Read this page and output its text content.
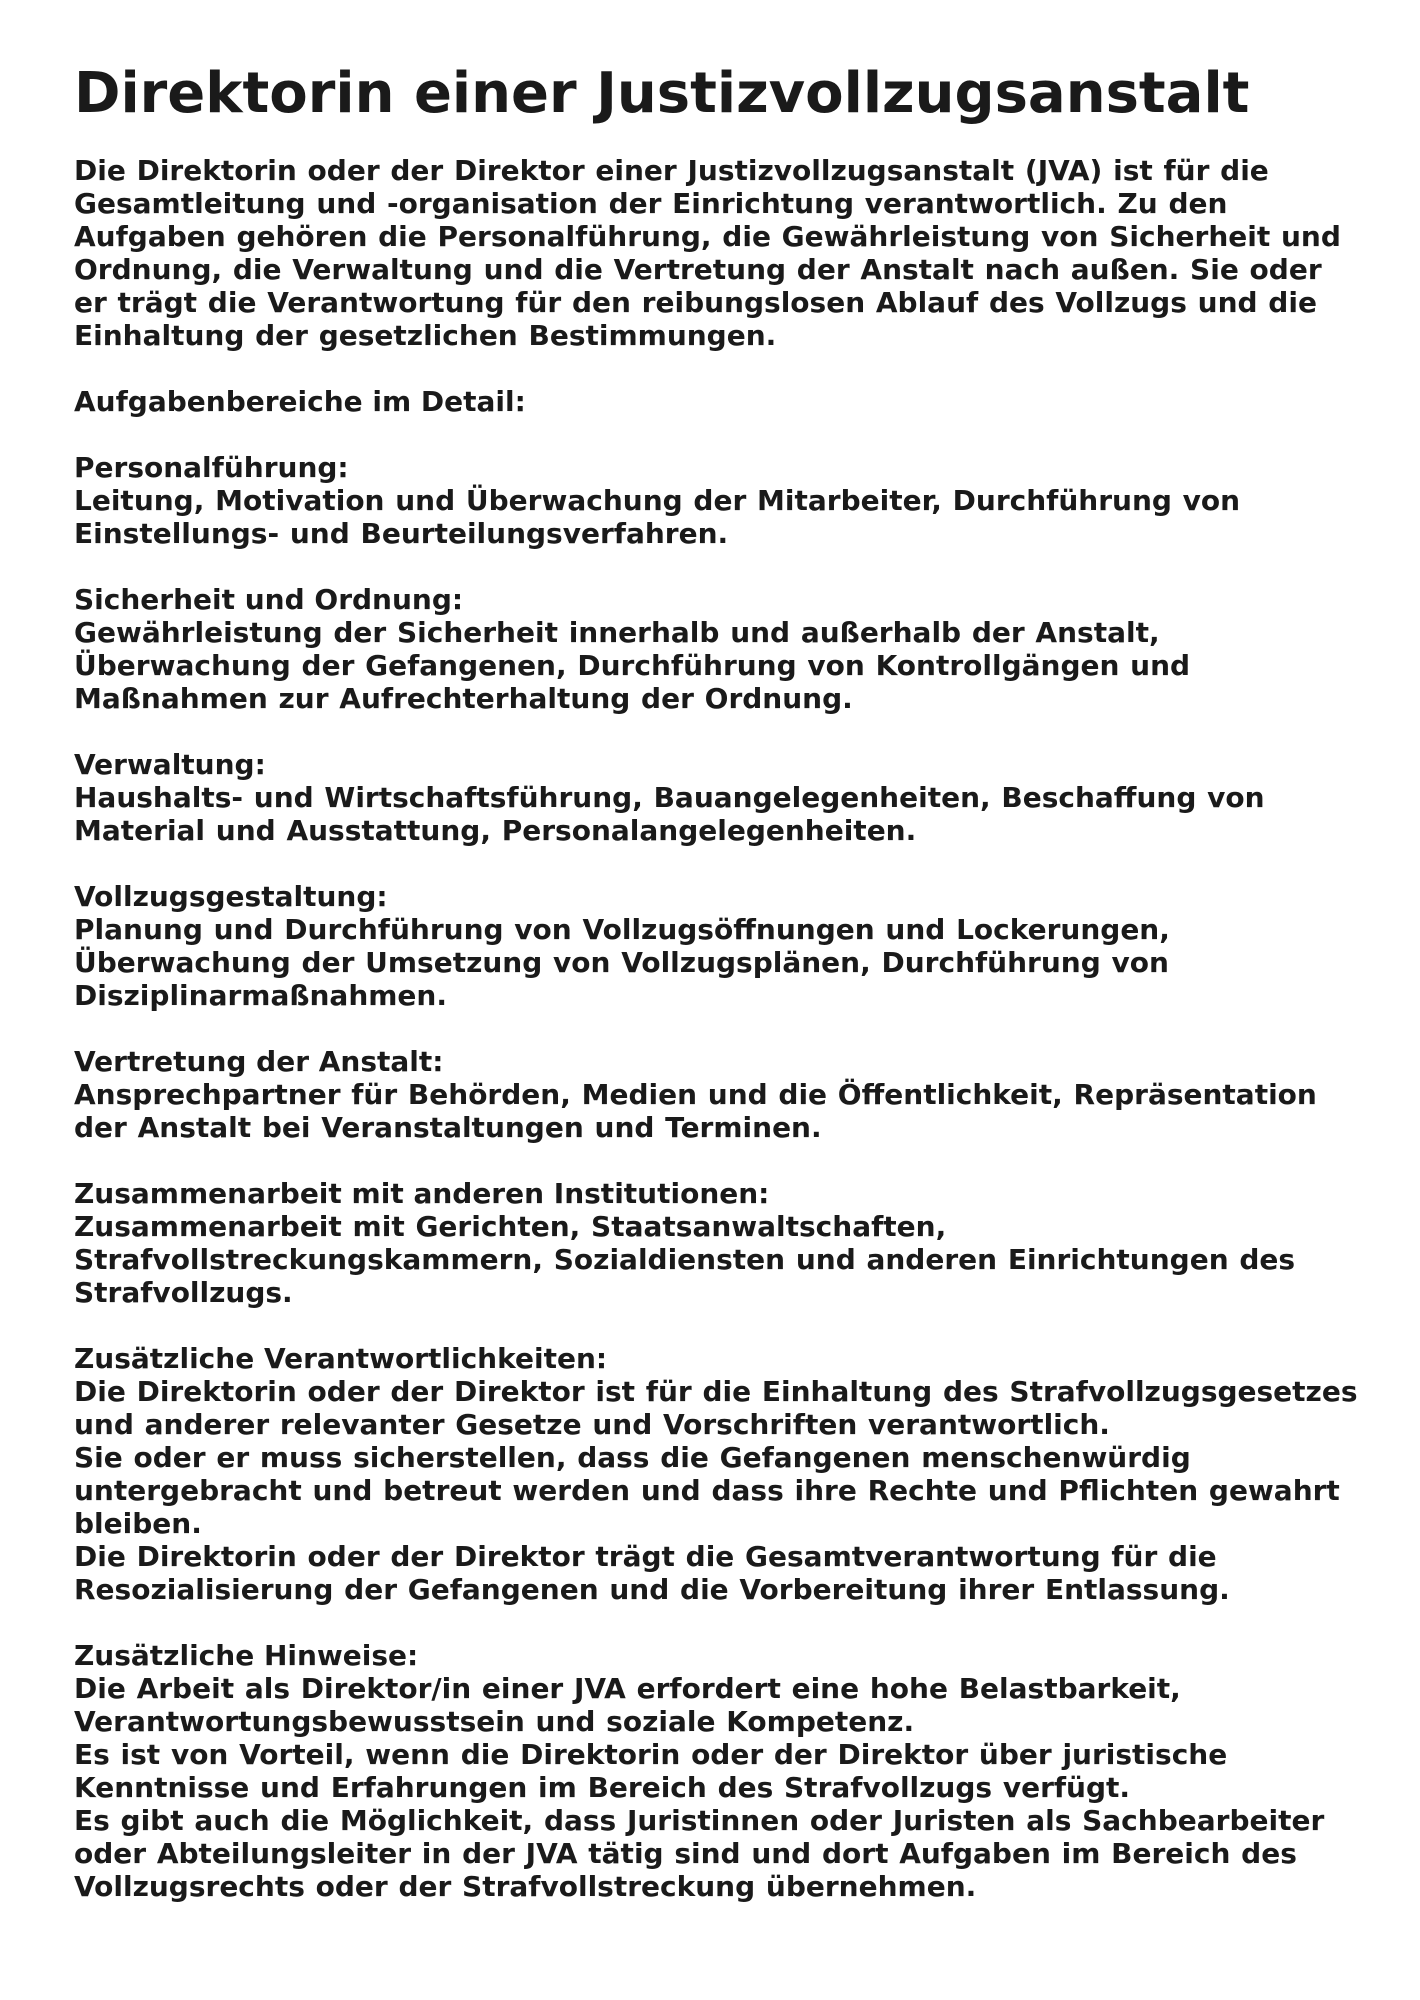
Direktorin einer Justizvollzugsanstalt

Die Direktorin oder der Direktor einer Justizvollzugsanstalt (JVA) ist für die Gesamtleitung und -organisation der Einrichtung verantwortlich. Zu den Aufgaben gehören die Personalführung, die Gewährleistung von Sicherheit und Ordnung, die Verwaltung und die Vertretung der Anstalt nach außen. Sie oder er trägt die Verantwortung für den reibungslosen Ablauf des Vollzugs und die Einhaltung der gesetzlichen Bestimmungen.

Aufgabenbereiche im Detail:

Personalführung:

Leitung, Motivation und Überwachung der Mitarbeiter, Durchführung von Einstellungs- und Beurteilungsverfahren.

Sicherheit und Ordnung:

Gewährleistung der Sicherheit innerhalb und außerhalb der Anstalt, Überwachung der Gefangenen, Durchführung von Kontrollgängen und Maßnahmen zur Aufrechterhaltung der Ordnung.

Verwaltung:

Haushalts- und Wirtschaftsführung, Bauangelegenheiten, Beschaffung von Material und Ausstattung, Personalangelegenheiten.

Vollzugsgestaltung:

Planung und Durchführung von Vollzugsöffnungen und Lockerungen, Überwachung der Umsetzung von Vollzugsplänen, Durchführung von Disziplinarmaßnahmen.

Vertretung der Anstalt:

Ansprechpartner für Behörden, Medien und die Öffentlichkeit, Repräsentation der Anstalt bei Veranstaltungen und Terminen.

Zusammenarbeit mit anderen Institutionen:

Zusammenarbeit mit Gerichten, Staatsanwaltschaften, Strafvollstreckungskammern, Sozialdiensten und anderen Einrichtungen des Strafvollzugs.

Zusätzliche Verantwortlichkeiten:

Die Direktorin oder der Direktor ist für die Einhaltung des Strafvollzugsgesetzes und anderer relevanter Gesetze und Vorschriften verantwortlich.

Sie oder er muss sicherstellen, dass die Gefangenen menschenwürdig untergebracht und betreut werden und dass ihre Rechte und Pflichten gewahrt bleiben.

Die Direktorin oder der Direktor trägt die Gesamtverantwortung für die Resozialisierung der Gefangenen und die Vorbereitung ihrer Entlassung.

Zusätzliche Hinweise:

Die Arbeit als Direktor/in einer JVA erfordert eine hohe Belastbarkeit, Verantwortungsbewusstsein und soziale Kompetenz.

Es ist von Vorteil, wenn die Direktorin oder der Direktor über juristische Kenntnisse und Erfahrungen im Bereich des Strafvollzugs verfügt.

Es gibt auch die Möglichkeit, dass Juristinnen oder Juristen als Sachbearbeiter oder Abteilungsleiter in der JVA tätig sind und dort Aufgaben im Bereich des Vollzugsrechts oder der Strafvollstreckung übernehmen.
